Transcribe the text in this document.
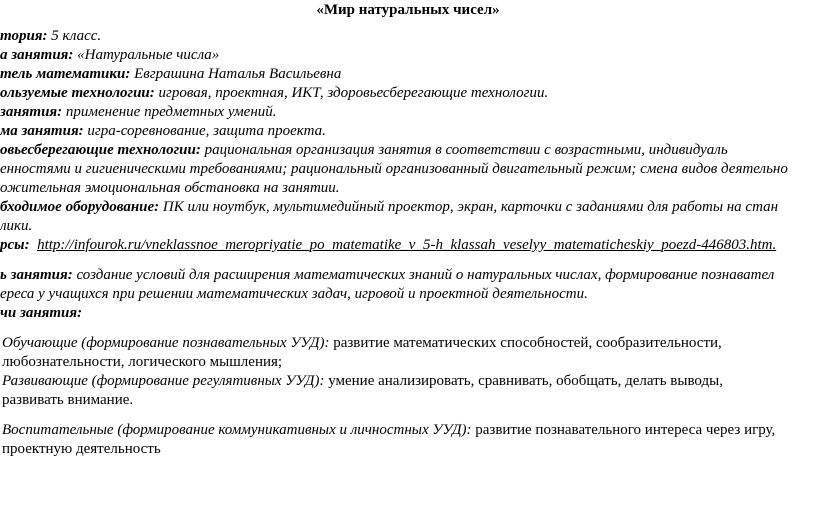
«Мир натуральных чисел»
тория: 5 класс.
а занятия: «Натуральные числа»
тель математики: Евграшина Наталья Васильевна
ользуемые технологии: игровая, проектная, ИКТ, здоровьесберегающие технологии.
занятия: применение предметных умений.
ма занятия: игра-соревнование, защита проекта.
овьесберегающие технологии: рациональная организация занятия в соответствии с возрастными, индивидуаль
енностями и гигиеническими требованиями; рациональный организованный двигательный режим; смена видов деятельно
ожительная эмоциональная обстановка на занятии.
бходимое оборудование: ПК или ноутбук, мультимедийный проектор, экран, карточки с заданиями для работы на стан
лики.
рсы: http://infourok.ru/vneklassnoe_meropriyatie_po_matematike_v_5-h_klassah_veselyy_matematicheskiy_poezd-446803.htm.
ь занятия: создание условий для расширения математических знаний о натуральных числах, формирование познавател
ереса у учащихся при решении математических задач, игровой и проектной деятельности.
чи занятия:
Обучающие (формирование познавательных УУД): развитие математических способностей, сообразительности,
любознательности, логического мышления;
Развивающие (формирование регулятивных УУД): умение анализировать, сравнивать, обобщать, делать выводы,
развивать внимание.
Воспитательные (формирование коммуникативных и личностных УУД): развитие познавательного интереса через игру,
проектную деятельность
